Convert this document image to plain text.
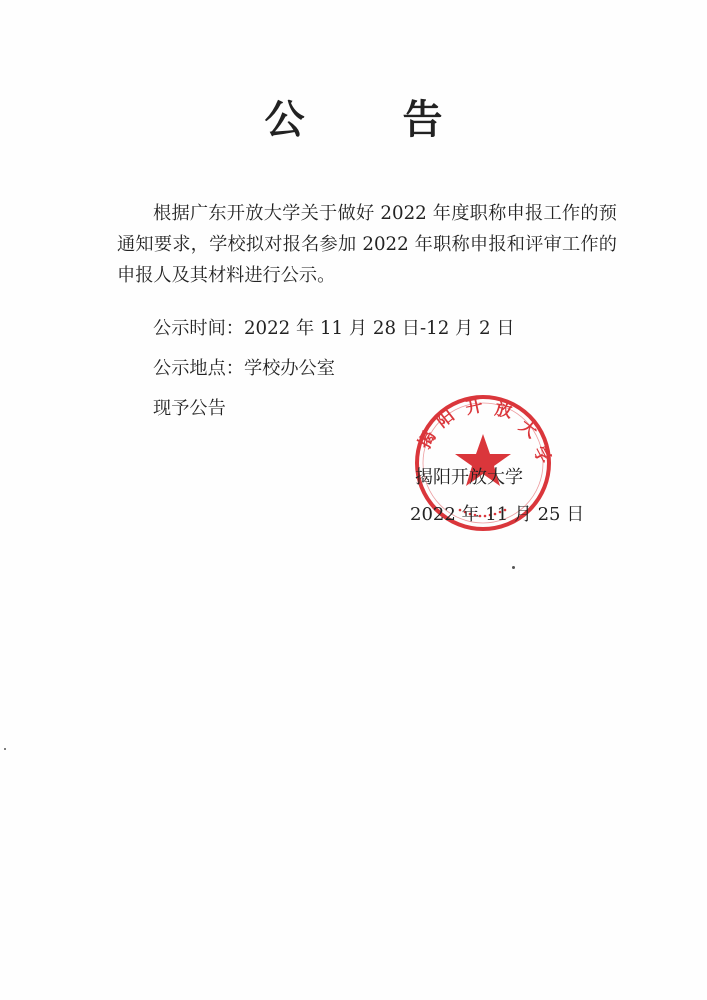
公 告

根据广东开放大学关于做好 2022 年度职称申报工作的预通知要求，学校拟对报名参加 2022 年职称申报和评审工作的申报人及其材料进行公示。

公示时间：2022 年 11 月 28 日-12 月 2 日
公示地点：学校办公室
现予公告
揭
阳 开 放
大
学
揭阳开放大学
2022 年 11 月 25 日
